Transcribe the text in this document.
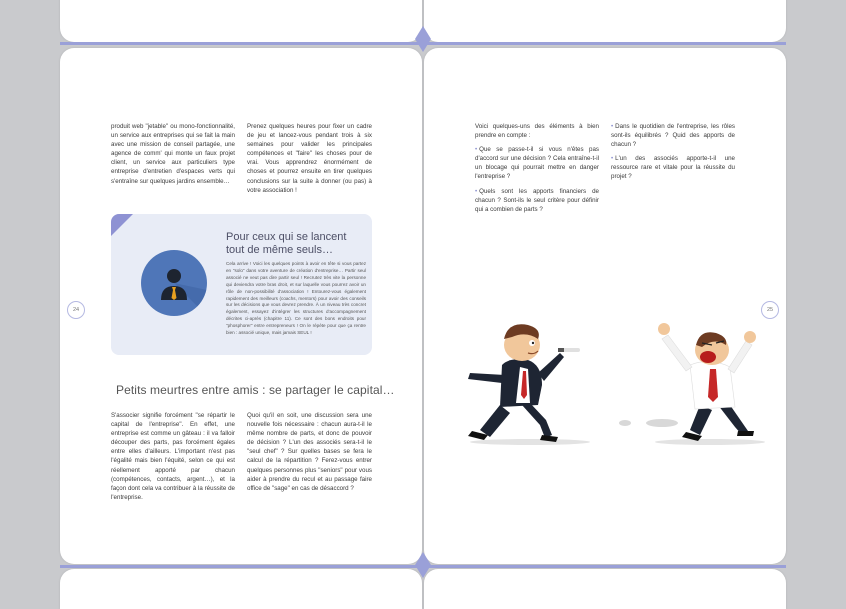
produit web "jetable" ou mono-fonctionnalité, un service aux entreprises qui se fait la main avec une mission de conseil partagée, une agence de comm' qui monte un faux projet client, un service aux particuliers type entreprise d'entretien d'espaces verts qui s'entraîne sur quelques jardins ensemble…

Prenez quelques heures pour fixer un cadre de jeu et lancez-vous pendant trois à six semaines pour valider les principales compétences et "faire" les choses pour de vrai. Vous apprendrez énormément de choses et pourrez ensuite en tirer quelques conclusions sur la suite à donner (ou pas) à votre association !

Pour ceux qui se lancent tout de même seuls…
Cela arrive ! Voici les quelques points à avoir en tête si vous partez en "solo" dans votre aventure de création d'entreprise… Partir seul associé ne veut pas dire partir seul ! Recrutez très vite la personne qui deviendra votre bras droit, et sur laquelle vous pourrez avoir un rôle de non-possibilité d'association ! Entourez-vous également rapidement des meilleurs (coachs, mentors) pour avoir des conseils sur les décisions que vous devrez prendre. À un niveau très concret également, essayez d'intégrer les structures d'accompagnement décrites ci-après (chapitre 11). Ce sont des bons endroits pour "phosphorer" entre entrepreneurs ! On le répète pour que ça rentre bien : associé unique, mais jamais SEUL !
Petits meurtres entre amis : se partager le capital…

S'associer signifie forcément "se répartir le capital de l'entreprise". En effet, une entreprise est comme un gâteau : il va falloir découper des parts, pas forcément égales entre elles d'ailleurs. L'important n'est pas l'égalité mais bien l'équité, selon ce qui est réellement apporté par chacun (compétences, contacts, argent…), et la façon dont cela va contribuer à la réussite de l'entreprise.

Quoi qu'il en soit, une discussion sera une nouvelle fois nécessaire : chacun aura-t-il le même nombre de parts, et donc de pouvoir de décision ? L'un des associés sera-t-il le "seul chef" ? Sur quelles bases se fera le calcul de la répartition ? Ferez-vous entrer quelques personnes plus "seniors" pour vous aider à prendre du recul et au passage faire office de "sage" en cas de désaccord ?

24

Voici quelques-uns des éléments à bien prendre en compte :

• Que se passe-t-il si vous n'êtes pas d'accord sur une décision ? Cela entraîne-t-il un blocage qui pourrait mettre en danger l'entreprise ?
• Quels sont les apports financiers de chacun ? Sont-ils le seul critère pour définir qui a combien de parts ?
• Dans le quotidien de l'entreprise, les rôles sont-ils équilibrés ? Quid des apports de chacun ?
• L'un des associés apporte-t-il une ressource rare et vitale pour la réussite du projet ?
25
